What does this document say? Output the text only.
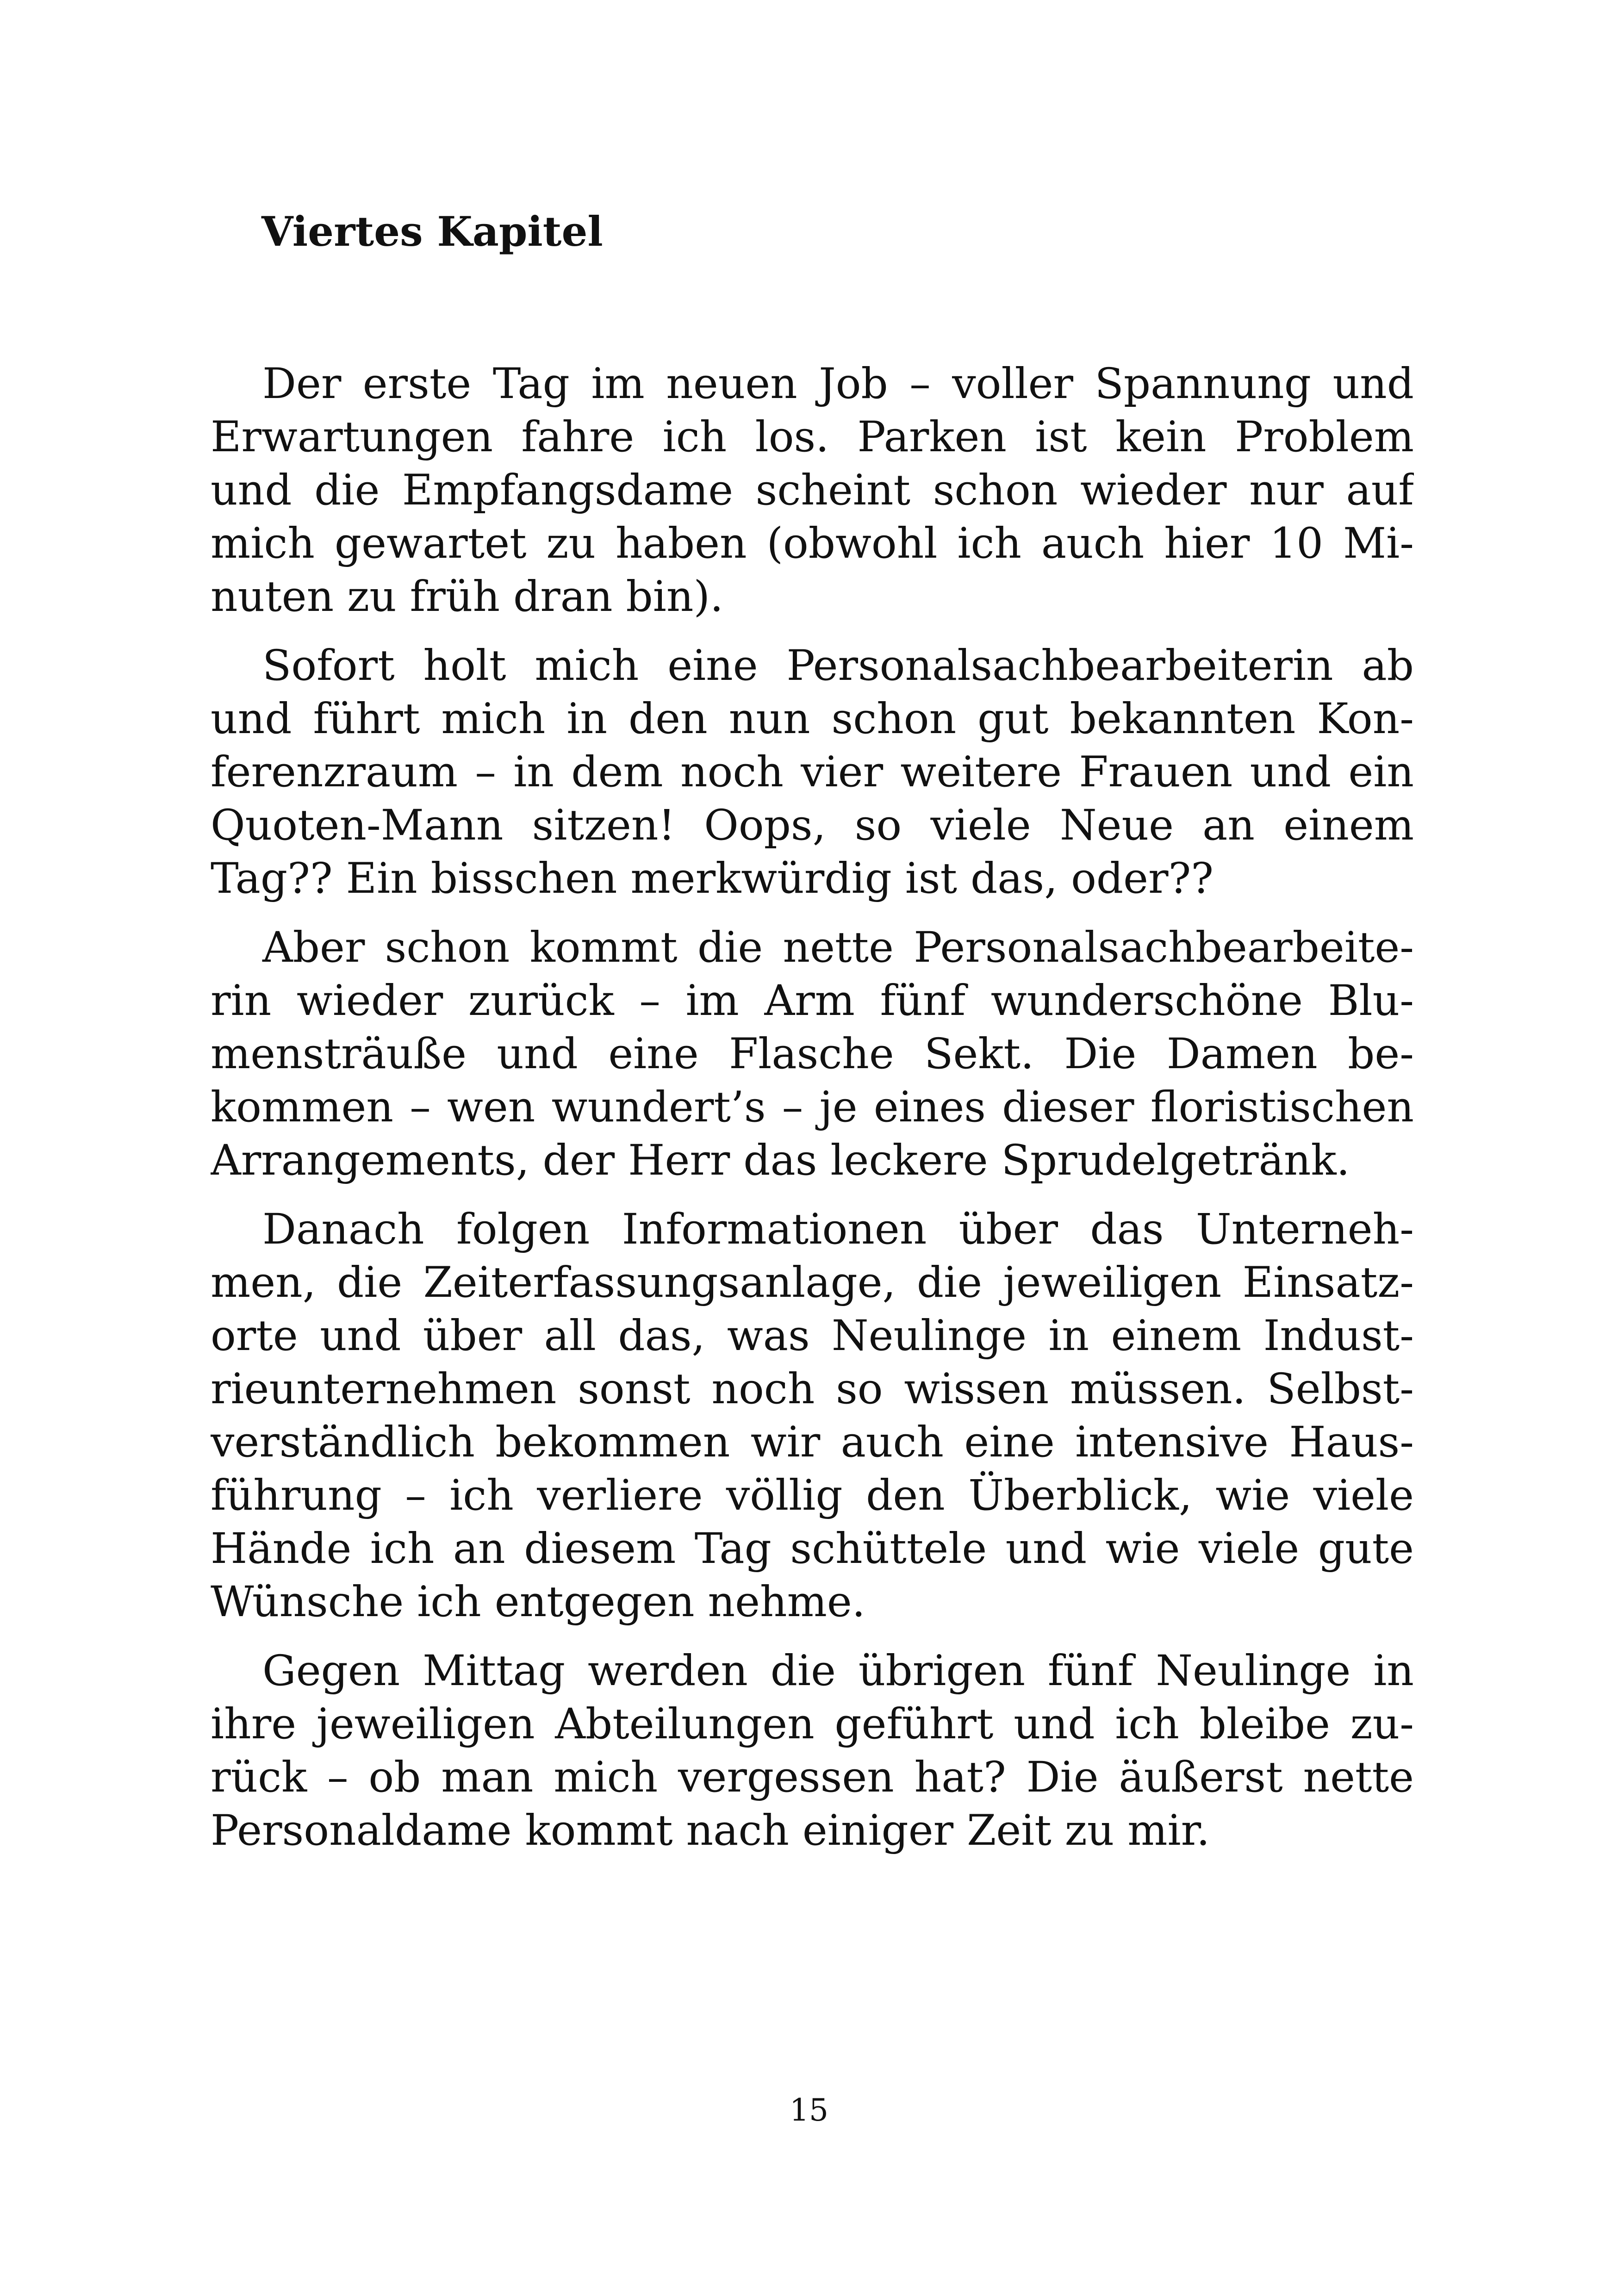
Viertes Kapitel
Der erste Tag im neuen Job – voller Spannung und
Erwartungen fahre ich los. Parken ist kein Problem
und die Empfangsdame scheint schon wieder nur auf
mich gewartet zu haben (obwohl ich auch hier 10 Mi-
nuten zu früh dran bin).
Sofort holt mich eine Personalsachbearbeiterin ab
und führt mich in den nun schon gut bekannten Kon-
ferenzraum – in dem noch vier weitere Frauen und ein
Quoten-Mann sitzen! Oops, so viele Neue an einem
Tag?? Ein bisschen merkwürdig ist das, oder??
Aber schon kommt die nette Personalsachbearbeite-
rin wieder zurück – im Arm fünf wunderschöne Blu-
mensträuße und eine Flasche Sekt. Die Damen be-
kommen – wen wundert’s – je eines dieser floristischen
Arrangements, der Herr das leckere Sprudelgetränk.
Danach folgen Informationen über das Unterneh-
men, die Zeiterfassungsanlage, die jeweiligen Einsatz-
orte und über all das, was Neulinge in einem Indust-
rieunternehmen sonst noch so wissen müssen. Selbst-
verständlich bekommen wir auch eine intensive Haus-
führung – ich verliere völlig den Überblick, wie viele
Hände ich an diesem Tag schüttele und wie viele gute
Wünsche ich entgegen nehme.
Gegen Mittag werden die übrigen fünf Neulinge in
ihre jeweiligen Abteilungen geführt und ich bleibe zu-
rück – ob man mich vergessen hat? Die äußerst nette
Personaldame kommt nach einiger Zeit zu mir.
15
